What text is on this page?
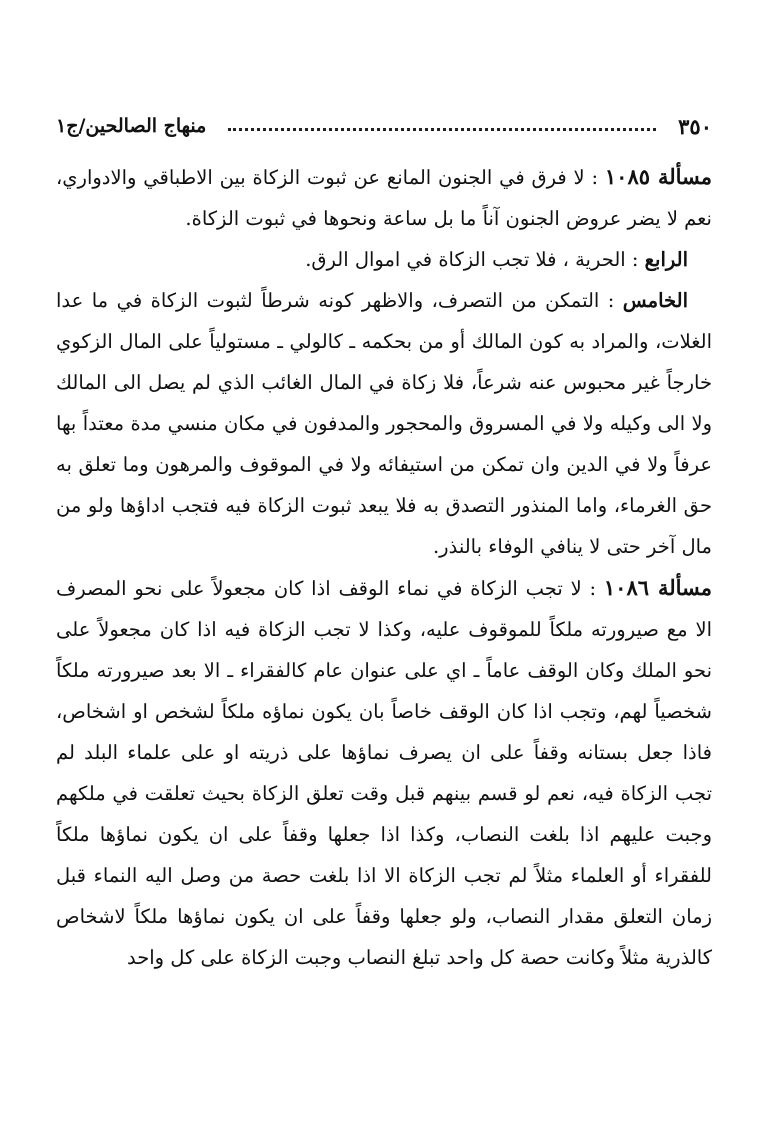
٣٥٠
منهاج الصالحين/ج١

مسألة ١٠٨٥ : لا فرق في الجنون المانع عن ثبوت الزكاة بين الاطباقي والادواري، نعم لا يضر عروض الجنون آناً ما بل ساعة ونحوها في ثبوت الزكاة.

الرابع : الحرية ، فلا تجب الزكاة في اموال الرق.

الخامس : التمكن من التصرف، والاظهر كونه شرطاً لثبوت الزكاة في ما عدا الغلات، والمراد به كون المالك أو من بحكمه ـ كالولي ـ مستولياً على المال الزكوي خارجاً غير محبوس عنه شرعاً، فلا زكاة في المال الغائب الذي لم يصل الى المالك ولا الى وكيله ولا في المسروق والمحجور والمدفون في مكان منسي مدة معتداً بها عرفاً ولا في الدين وان تمكن من استيفائه ولا في الموقوف والمرهون وما تعلق به حق الغرماء، واما المنذور التصدق به فلا يبعد ثبوت الزكاة فيه فتجب اداؤها ولو من مال آخر حتى لا ينافي الوفاء بالنذر.

مسألة ١٠٨٦ : لا تجب الزكاة في نماء الوقف اذا كان مجعولاً على نحو المصرف الا مع صيرورته ملكاً للموقوف عليه، وكذا لا تجب الزكاة فيه اذا كان مجعولاً على نحو الملك وكان الوقف عاماً ـ اي على عنوان عام كالفقراء ـ الا بعد صيرورته ملكاً شخصياً لهم، وتجب اذا كان الوقف خاصاً بان يكون نماؤه ملكاً لشخص او اشخاص، فاذا جعل بستانه وقفاً على ان يصرف نماؤها على ذريته او على علماء البلد لم تجب الزكاة فيه، نعم لو قسم بينهم قبل وقت تعلق الزكاة بحيث تعلقت في ملكهم وجبت عليهم اذا بلغت النصاب، وكذا اذا جعلها وقفاً على ان يكون نماؤها ملكاً للفقراء أو العلماء مثلاً لم تجب الزكاة الا اذا بلغت حصة من وصل اليه النماء قبل زمان التعلق مقدار النصاب، ولو جعلها وقفاً على ان يكون نماؤها ملكاً لاشخاص كالذرية مثلاً وكانت حصة كل واحد تبلغ النصاب وجبت الزكاة على كل واحد
